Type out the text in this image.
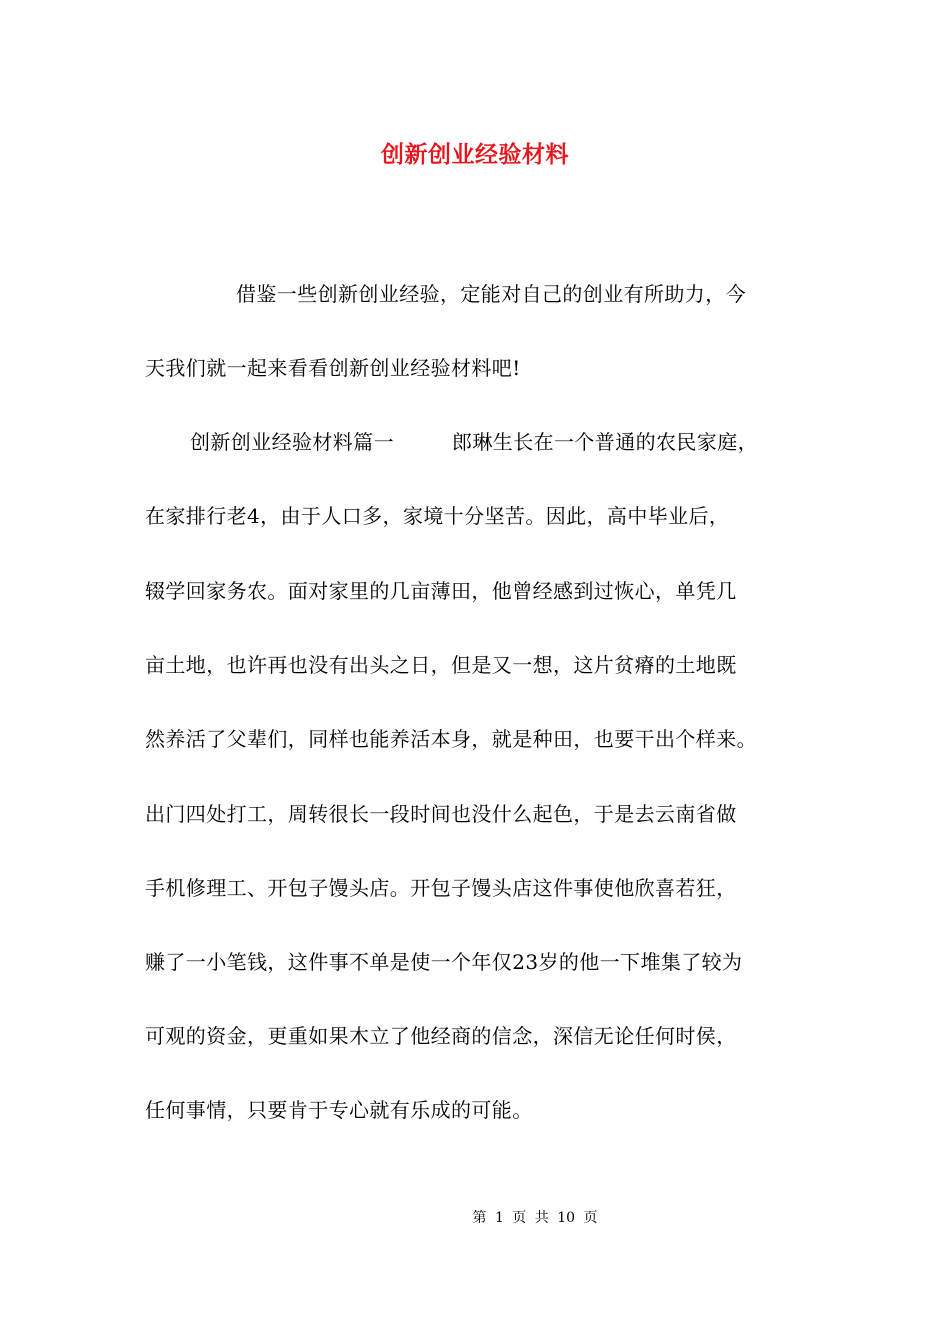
创新创业经验材料
借鉴一些创新创业经验，定能对自己的创业有所助力，今
天我们就一起来看看创新创业经验材料吧!
创新创业经验材料篇一	郎琳生长在一个普通的农民家庭，
在家排行老4，由于人口多，家境十分坚苦。因此，高中毕业后，
辍学回家务农。面对家里的几亩薄田，他曾经感到过恢心，单凭几
亩土地，也许再也没有出头之日，但是又一想，这片贫瘠的土地既
然养活了父辈们，同样也能养活本身，就是种田，也要干出个样来。
出门四处打工，周转很长一段时间也没什么起色，于是去云南省做
手机修理工、开包子馒头店。开包子馒头店这件事使他欣喜若狂，
赚了一小笔钱，这件事不单是使一个年仅23岁的他一下堆集了较为
可观的资金，更重如果木立了他经商的信念，深信无论任何时侯，
任何事情，只要肯于专心就有乐成的可能。
第 1 页 共 10 页
